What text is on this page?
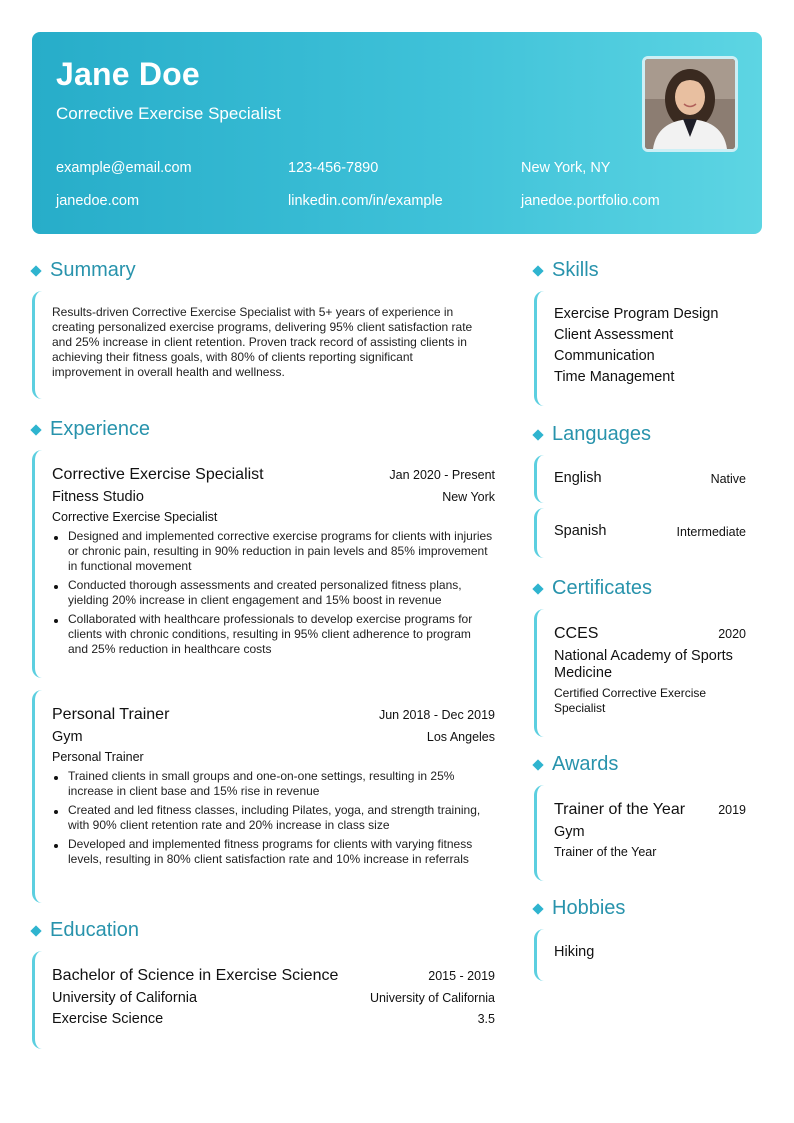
Jane Doe
Corrective Exercise Specialist
example@email.com	123-456-7890	New York, NY
janedoe.com	linkedin.com/in/example	janedoe.portfolio.com
Summary
Results-driven Corrective Exercise Specialist with 5+ years of experience in creating personalized exercise programs, delivering 95% client satisfaction rate and 25% increase in client retention. Proven track record of assisting clients in achieving their fitness goals, with 80% of clients reporting significant improvement in overall health and wellness.
Experience
Corrective Exercise Specialist	Jan 2020 - Present
Fitness Studio	New York
Corrective Exercise Specialist
Designed and implemented corrective exercise programs for clients with injuries or chronic pain, resulting in 90% reduction in pain levels and 85% improvement in functional movement
Conducted thorough assessments and created personalized fitness plans, yielding 20% increase in client engagement and 15% boost in revenue
Collaborated with healthcare professionals to develop exercise programs for clients with chronic conditions, resulting in 95% client adherence to program and 25% reduction in healthcare costs
Personal Trainer	Jun 2018 - Dec 2019
Gym	Los Angeles
Personal Trainer
Trained clients in small groups and one-on-one settings, resulting in 25% increase in client base and 15% rise in revenue
Created and led fitness classes, including Pilates, yoga, and strength training, with 90% client retention rate and 20% increase in class size
Developed and implemented fitness programs for clients with varying fitness levels, resulting in 80% client satisfaction rate and 10% increase in referrals
Education
Bachelor of Science in Exercise Science	2015 - 2019
University of California	University of California
Exercise Science	3.5
Skills
Exercise Program Design
Client Assessment
Communication
Time Management
Languages
English	Native
Spanish	Intermediate
Certificates
CCES	2020
National Academy of Sports Medicine
Certified Corrective Exercise Specialist
Awards
Trainer of the Year	2019
Gym
Trainer of the Year
Hobbies
Hiking
